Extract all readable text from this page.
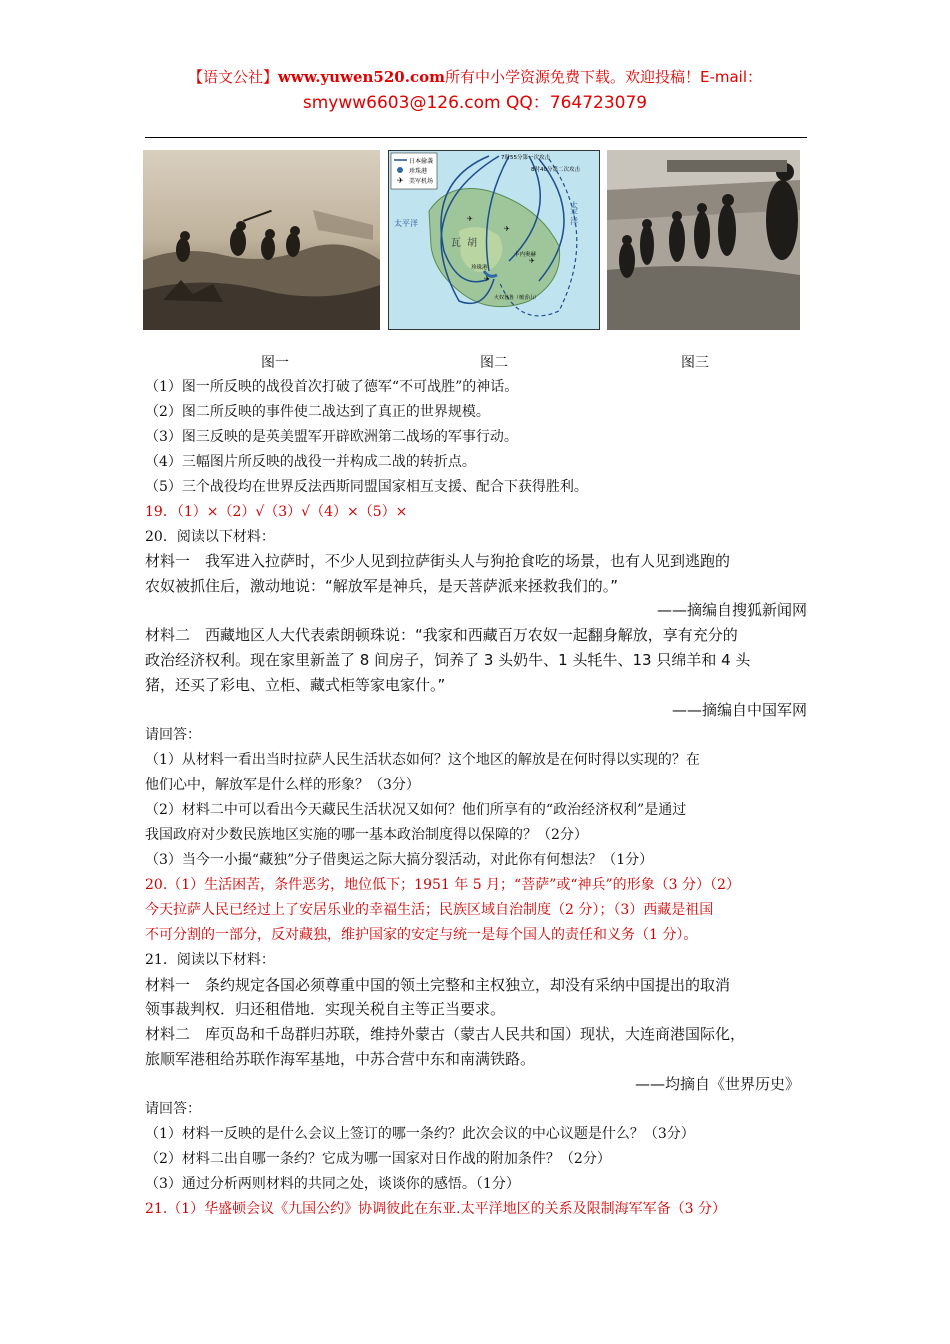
【语文公社】www.yuwen520.com所有中小学资源免费下载。欢迎投稿！E-mail：
smyww6603@126.com QQ：764723079
✈
日本偷袭
珍珠港
美军机场
7时55分第一次攻击
8时40分第二次攻击
太平洋	太平洋
瓦 胡
珍珠港
卡内奥赫
火奴鲁鲁（檀香山）
✈
✈
✈
✈
图一	图二	图三
（1）图一所反映的战役首次打破了德军“不可战胜”的神话。
（2）图二所反映的事件使二战达到了真正的世界规模。
（3）图三反映的是英美盟军开辟欧洲第二战场的军事行动。
（4）三幅图片所反映的战役一并构成二战的转折点。
（5）三个战役均在世界反法西斯同盟国家相互支援、配合下获得胜利。
19．（1）×（2）√（3）√（4）×（5）×
20．阅读以下材料：
材料一　我军进入拉萨时，不少人见到拉萨街头人与狗抢食吃的场景，也有人见到逃跑的
农奴被抓住后，激动地说：“解放军是神兵，是天菩萨派来拯救我们的。”
——摘编自搜狐新闻网
材料二　西藏地区人大代表索朗顿珠说：“我家和西藏百万农奴一起翻身解放，享有充分的
政治经济权利。现在家里新盖了 8 间房子，饲养了 3 头奶牛、1 头牦牛、13 只绵羊和 4 头
猪，还买了彩电、立柜、藏式柜等家电家什。”
——摘编自中国军网
请回答：
（1）从材料一看出当时拉萨人民生活状态如何？这个地区的解放是在何时得以实现的？在
他们心中，解放军是什么样的形象？（3分）
（2）材料二中可以看出今天藏民生活状况又如何？他们所享有的“政治经济权利”是通过
我国政府对少数民族地区实施的哪一基本政治制度得以保障的？（2分）
（3）当今一小撮“藏独”分子借奥运之际大搞分裂活动，对此你有何想法？（1分）
20.（1）生活困苦，条件恶劣，地位低下；1951 年 5 月；“菩萨”或“神兵”的形象（3 分）（2）
今天拉萨人民已经过上了安居乐业的幸福生活；民族区域自治制度（2 分）；（3）西藏是祖国
不可分割的一部分，反对藏独，维护国家的安定与统一是每个国人的责任和义务（1 分）。
21．阅读以下材料：
材料一　条约规定各国必须尊重中国的领土完整和主权独立，却没有采纳中国提出的取消
领事裁判权．归还租借地．实现关税自主等正当要求。
材料二　库页岛和千岛群归苏联，维持外蒙古（蒙古人民共和国）现状，大连商港国际化，
旅顺军港租给苏联作海军基地，中苏合营中东和南满铁路。
——均摘自《世界历史》
请回答：
（1）材料一反映的是什么会议上签订的哪一条约？此次会议的中心议题是什么？（3分）
（2）材料二出自哪一条约？它成为哪一国家对日作战的附加条件？（2分）
（3）通过分析两则材料的共同之处，谈谈你的感悟。（1分）
21.（1）华盛顿会议《九国公约》协调彼此在东亚.太平洋地区的关系及限制海军军备（3 分）
